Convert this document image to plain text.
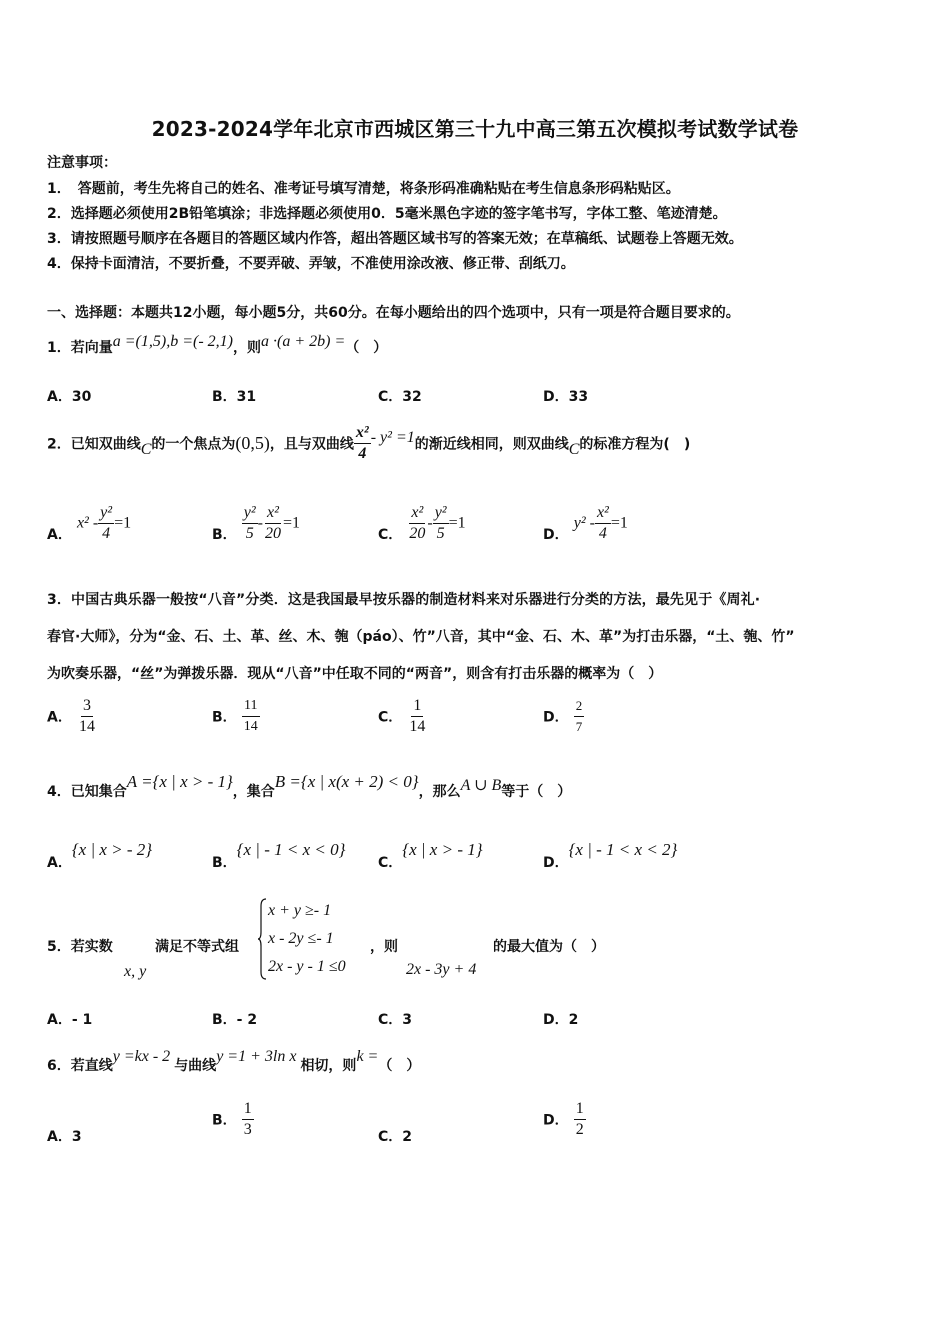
2023-2024学年北京市西城区第三十九中高三第五次模拟考试数学试卷
注意事项：
1．　答题前，考生先将自己的姓名、准考证号填写清楚，将条形码准确粘贴在考生信息条形码粘贴区。
2．选择题必须使用2B铅笔填涂；非选择题必须使用0．5毫米黑色字迹的签字笔书写，字体工整、笔迹清楚。
3．请按照题号顺序在各题目的答题区域内作答，超出答题区域书写的答案无效；在草稿纸、试题卷上答题无效。
4．保持卡面清洁，不要折叠，不要弄破、弄皱，不准使用涂改液、修正带、刮纸刀。
一、选择题：本题共12小题，每小题5分，共60分。在每小题给出的四个选项中，只有一项是符合题目要求的。
1．若向量a =(1,5),b =(- 2,1)，则a ·(a + 2b) =（　）
A．30	B．31	C．32	D．33
2．已知双曲线C的一个焦点为(0,5)，且与双曲线 $\frac{\text{x²}}{4} - y^2 =1$的渐近线相同，则双曲线C的标准方程为(　)
A． $x^2 - \frac{\text{y²}}{4} =1$
B． $\frac{\text{y²}}{5} - \frac{\text{x²}}{20} =1$
C． $\frac{\text{x²}}{20} - \frac{\text{y²}}{5} =1$
D． $y^2 - \frac{\text{x²}}{4} =1$
3．中国古典乐器一般按“八音”分类．这是我国最早按乐器的制造材料来对乐器进行分类的方法，最先见于《周礼·
春官·大师》，分为“金、石、土、革、丝、木、匏（páo）、竹”八音，其中“金、石、木、革”为打击乐器，“土、匏、竹”
为吹奏乐器，“丝”为弹拨乐器．现从“八音”中任取不同的“两音”，则含有打击乐器的概率为（　）
A． $\frac{3}{14}$	B． $\frac{11}{14}$	C． $\frac{1}{14}$	D． $\frac{2}{7}$
4．已知集合A ={x | x > - 1}，集合B ={x | x(x + 2) < 0}，那么A ∪ B等于（　）
A．{x | x > - 2}
B．{x | - 1 < x < 0}
C．{x | x > - 1}
D．{x | - 1 < x < 2}
5．若实数
x, y
满足不等式组
x + y ≥- 1
x - 2y ≤- 1
2x - y - 1 ≤0
，则
2x - 3y + 4
的最大值为（　）
A．- 1	B．- 2	C．3	D．2
6．若直线y =kx - 2与曲线y =1 + 3ln x相切，则k =（　）
A．3
B． $\frac{1}{3}$	C．2
D． $\frac{1}{2}$
